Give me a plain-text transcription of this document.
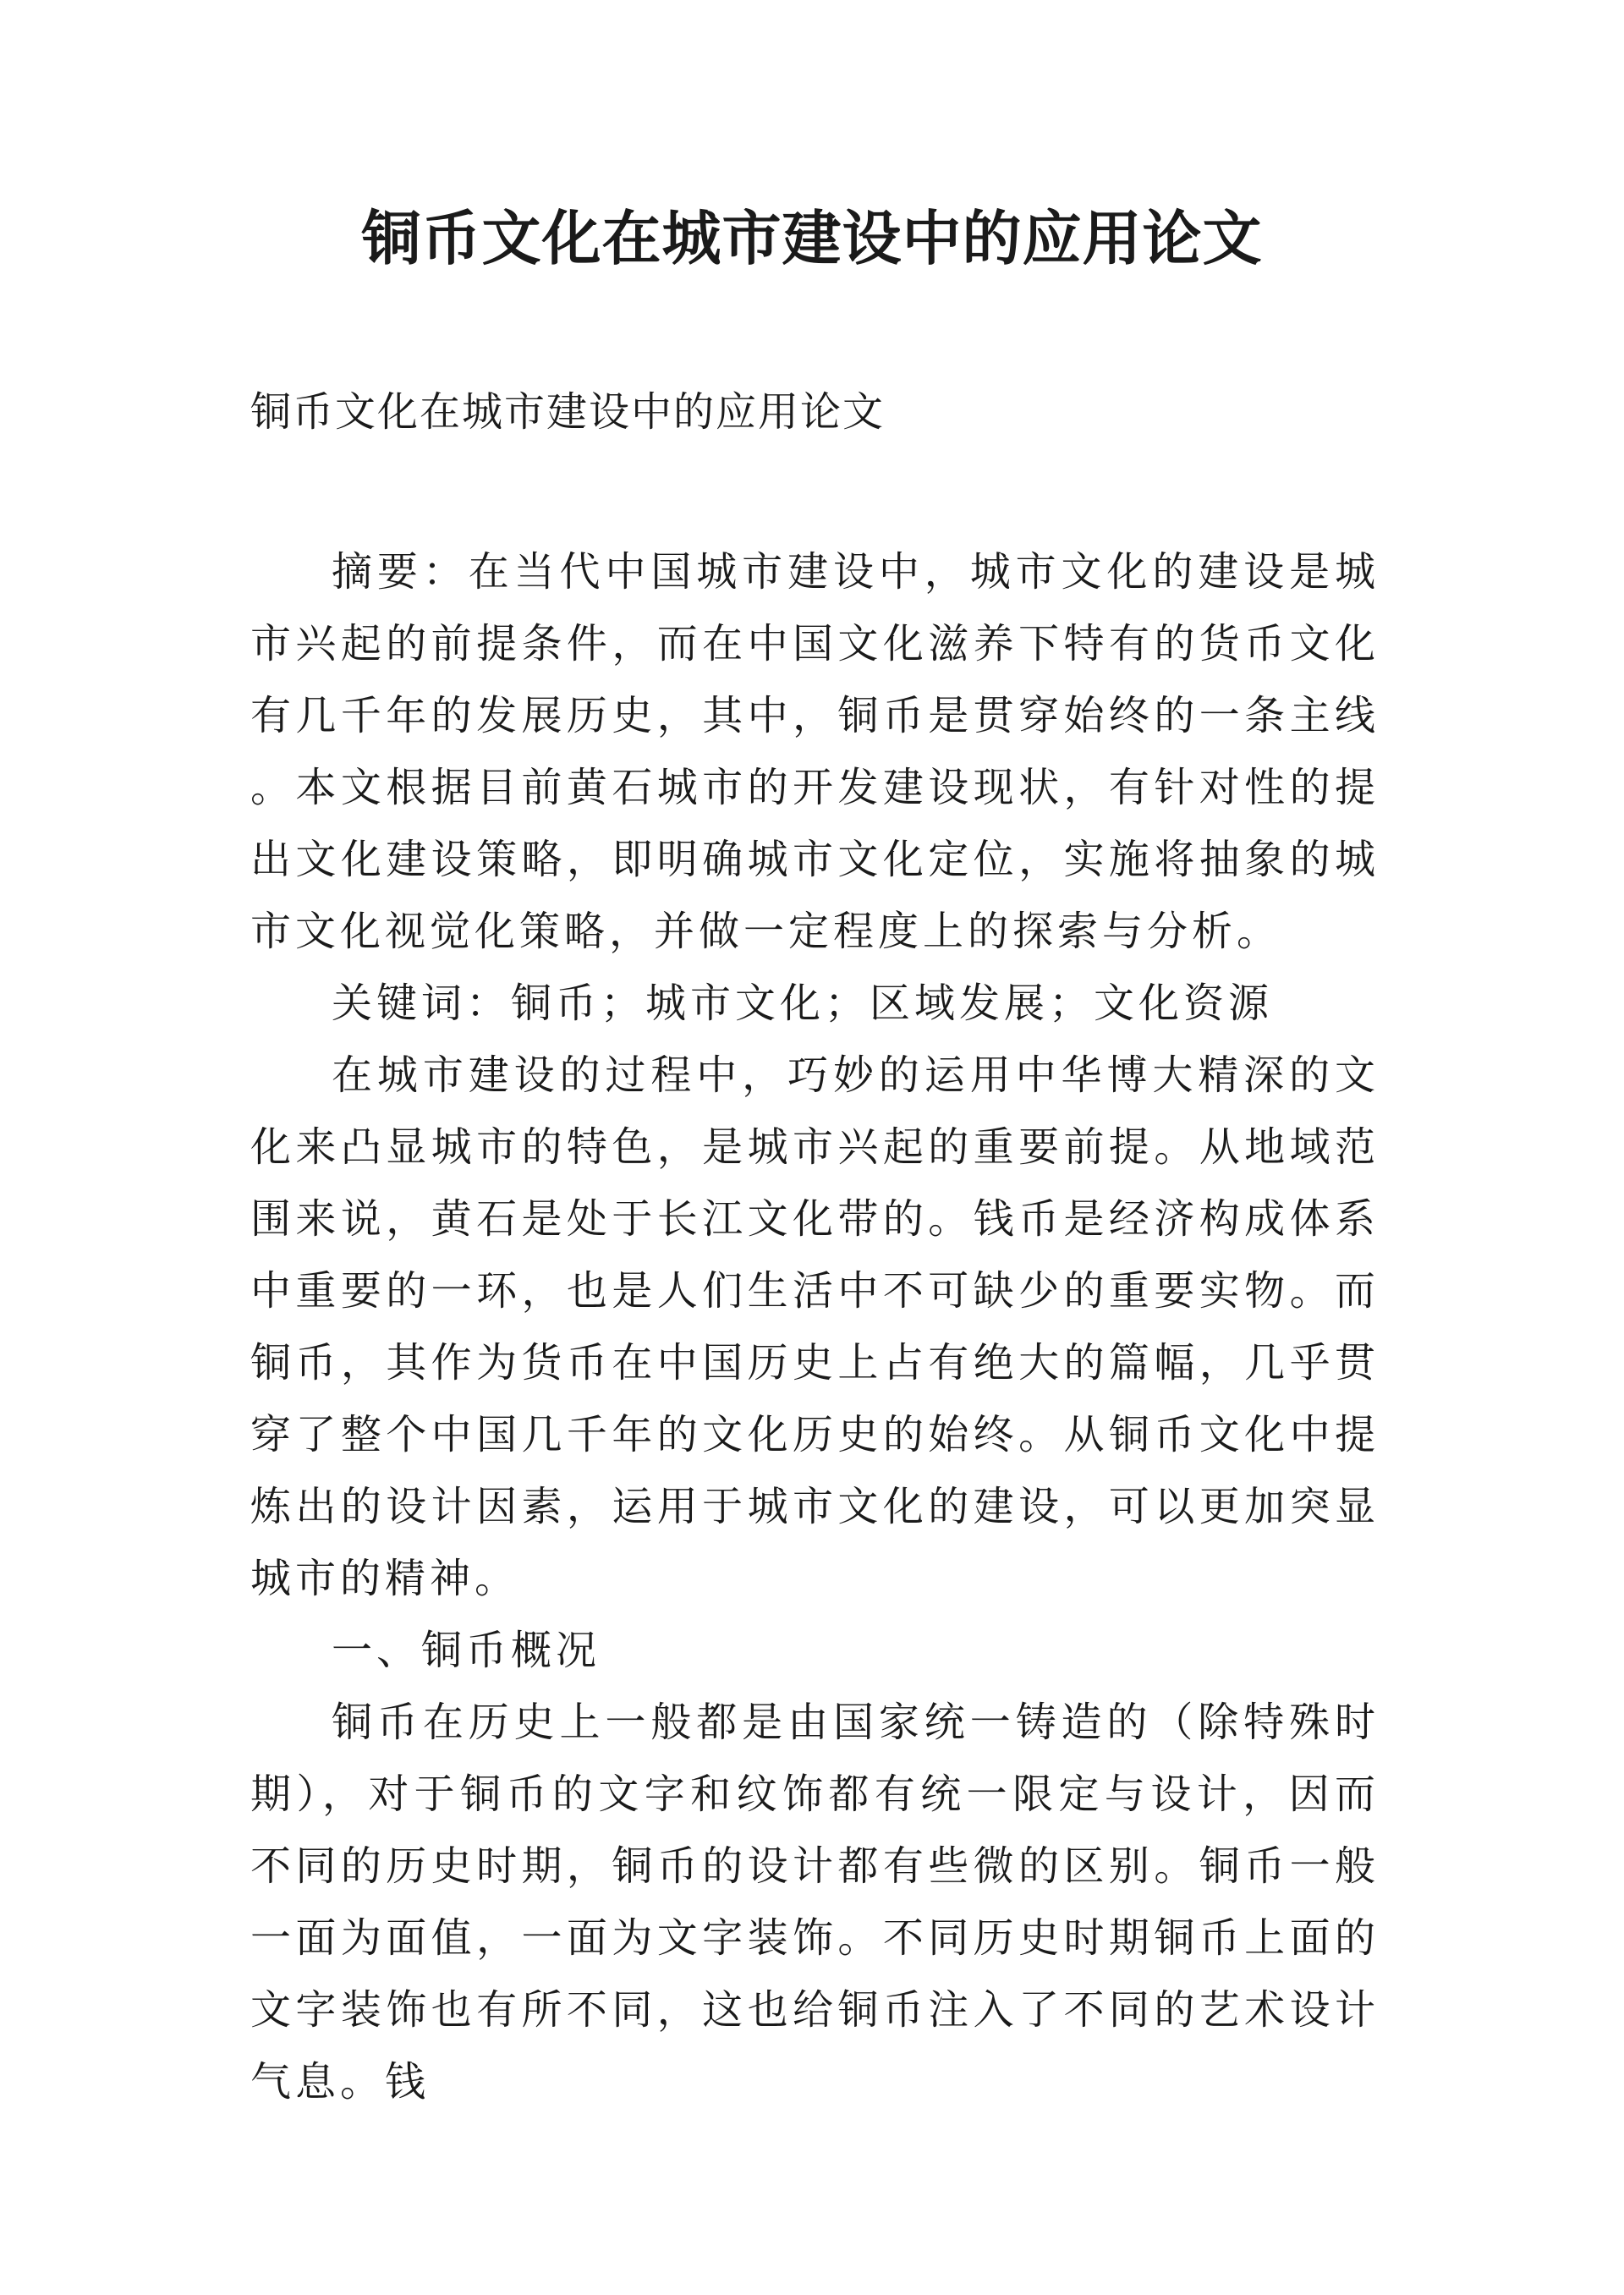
铜币文化在城市建设中的应用论文

铜币文化在城市建设中的应用论文

摘要：在当代中国城市建设中，城市文化的建设是城市兴起的前提条件，而在中国文化滋养下特有的货币文化有几千年的发展历史，其中，铜币是贯穿始终的一条主线。本文根据目前黄石城市的开发建设现状，有针对性的提出文化建设策略，即明确城市文化定位，实施将抽象的城市文化视觉化策略，并做一定程度上的探索与分析。

关键词：铜币；城市文化；区域发展；文化资源

在城市建设的过程中，巧妙的运用中华博大精深的文化来凸显城市的特色，是城市兴起的重要前提。从地域范围来说，黄石是处于长江文化带的。钱币是经济构成体系中重要的一环，也是人们生活中不可缺少的重要实物。而铜币，其作为货币在中国历史上占有绝大的篇幅，几乎贯穿了整个中国几千年的文化历史的始终。从铜币文化中提炼出的设计因素，运用于城市文化的建设，可以更加突显城市的精神。

一、铜币概况

铜币在历史上一般都是由国家统一铸造的（除特殊时期），对于铜币的文字和纹饰都有统一限定与设计，因而不同的历史时期，铜币的设计都有些微的区别。铜币一般一面为面值，一面为文字装饰。不同历史时期铜币上面的文字装饰也有所不同，这也给铜币注入了不同的艺术设计气息。钱
